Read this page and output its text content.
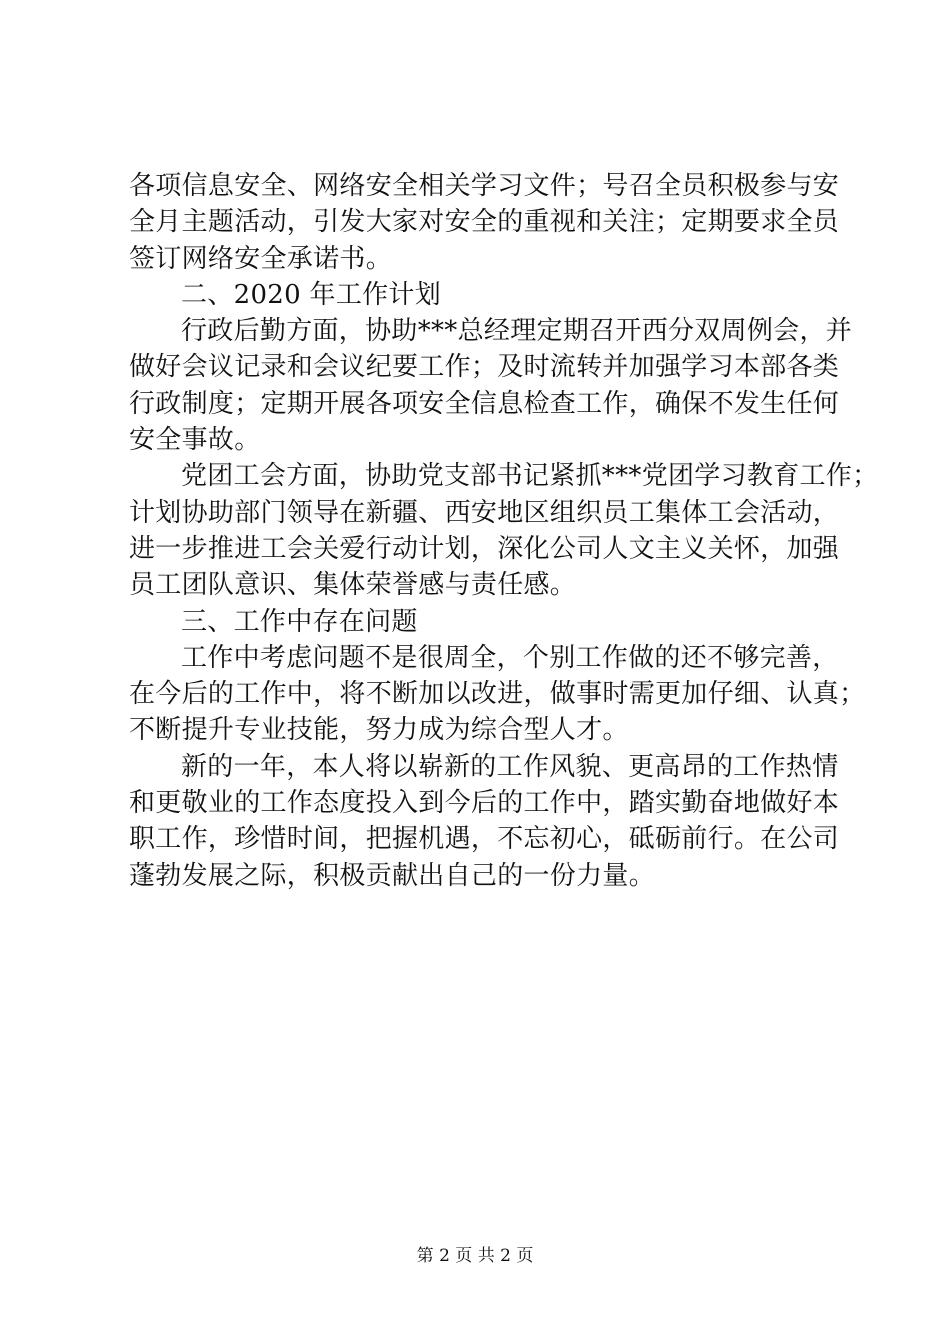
各项信息安全、网络安全相关学习文件；号召全员积极参与安
全月主题活动，引发大家对安全的重视和关注；定期要求全员
签订网络安全承诺书。
二、2020 年工作计划
行政后勤方面，协助***总经理定期召开西分双周例会，并
做好会议记录和会议纪要工作；及时流转并加强学习本部各类
行政制度；定期开展各项安全信息检查工作，确保不发生任何
安全事故。
党团工会方面，协助党支部书记紧抓***党团学习教育工作；
计划协助部门领导在新疆、西安地区组织员工集体工会活动，
进一步推进工会关爱行动计划，深化公司人文主义关怀，加强
员工团队意识、集体荣誉感与责任感。
三、工作中存在问题
工作中考虑问题不是很周全，个别工作做的还不够完善，
在今后的工作中，将不断加以改进，做事时需更加仔细、认真；
不断提升专业技能，努力成为综合型人才。
新的一年，本人将以崭新的工作风貌、更高昂的工作热情
和更敬业的工作态度投入到今后的工作中，踏实勤奋地做好本
职工作，珍惜时间，把握机遇，不忘初心，砥砺前行。在公司
蓬勃发展之际，积极贡献出自己的一份力量。
第 2 页 共 2 页
